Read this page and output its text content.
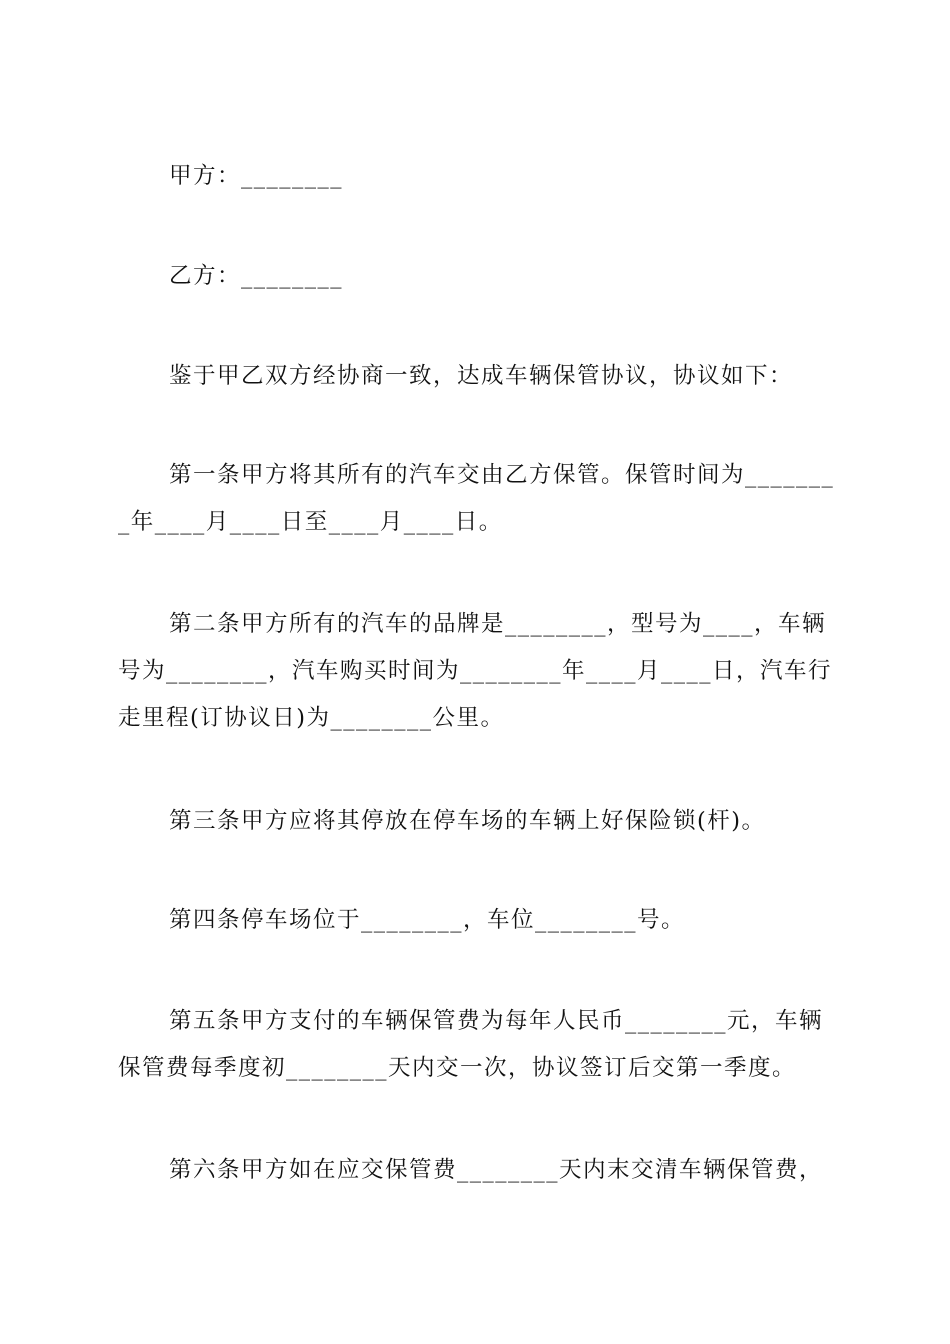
甲方：________
乙方：________
鉴于甲乙双方经协商一致，达成车辆保管协议，协议如下：
第一条甲方将其所有的汽车交由乙方保管。保管时间为_______
_年____月____日至____月____日。
第二条甲方所有的汽车的品牌是________，型号为____，车辆
号为________，汽车购买时间为________年____月____日，汽车行
走里程(订协议日)为________公里。
第三条甲方应将其停放在停车场的车辆上好保险锁(杆)。
第四条停车场位于________，车位________号。
第五条甲方支付的车辆保管费为每年人民币________元，车辆
保管费每季度初________天内交一次，协议签订后交第一季度。
第六条甲方如在应交保管费________天内末交清车辆保管费，
